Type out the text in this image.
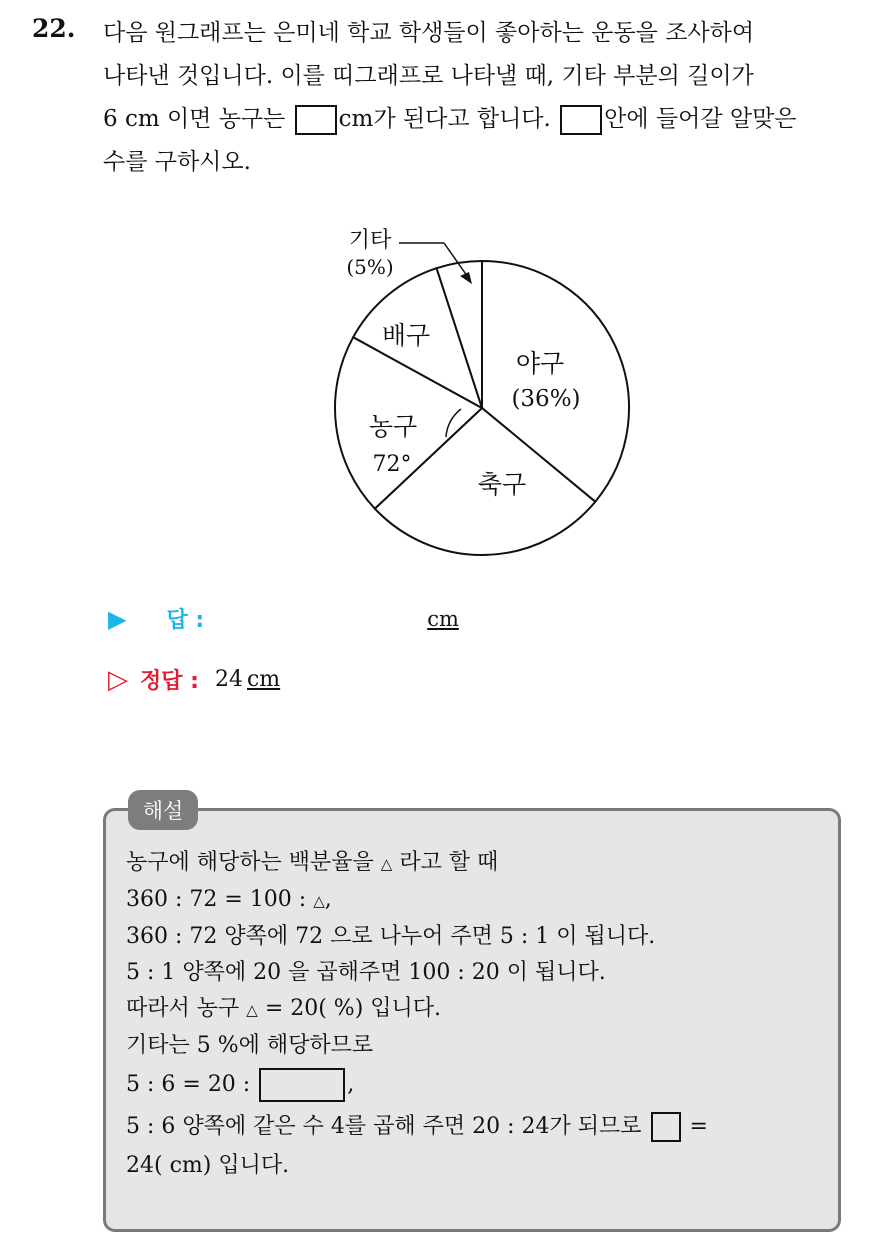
22. 다음 원그래프는 은미네 학교 학생들이 좋아하는 운동을 조사하여
나타낸 것입니다. 이를 띠그래프로 나타낼 때, 기타 부분의 길이가
6 cm 이면 농구는 cm가 된다고 합니다. 안에 들어갈 알맞은
수를 구하시오.
야구
(36%)
축구
농구
72°
배구
기타
(5%)
▶ 답 :	cm
▷ 정답 : 24 cm
해설
농구에 해당하는 백분율을 △ 라고 할 때
360 : 72 = 100 : △,
360 : 72 양쪽에 72 으로 나누어 주면 5 : 1 이 됩니다.
5 : 1 양쪽에 20 을 곱해주면 100 : 20 이 됩니다.
따라서 농구 △ = 20( %) 입니다.
기타는 5 %에 해당하므로
5 : 6 = 20 :	,
5 : 6 양쪽에 같은 수 4를 곱해 주면 20 : 24가 되므로 =
24( cm) 입니다.
